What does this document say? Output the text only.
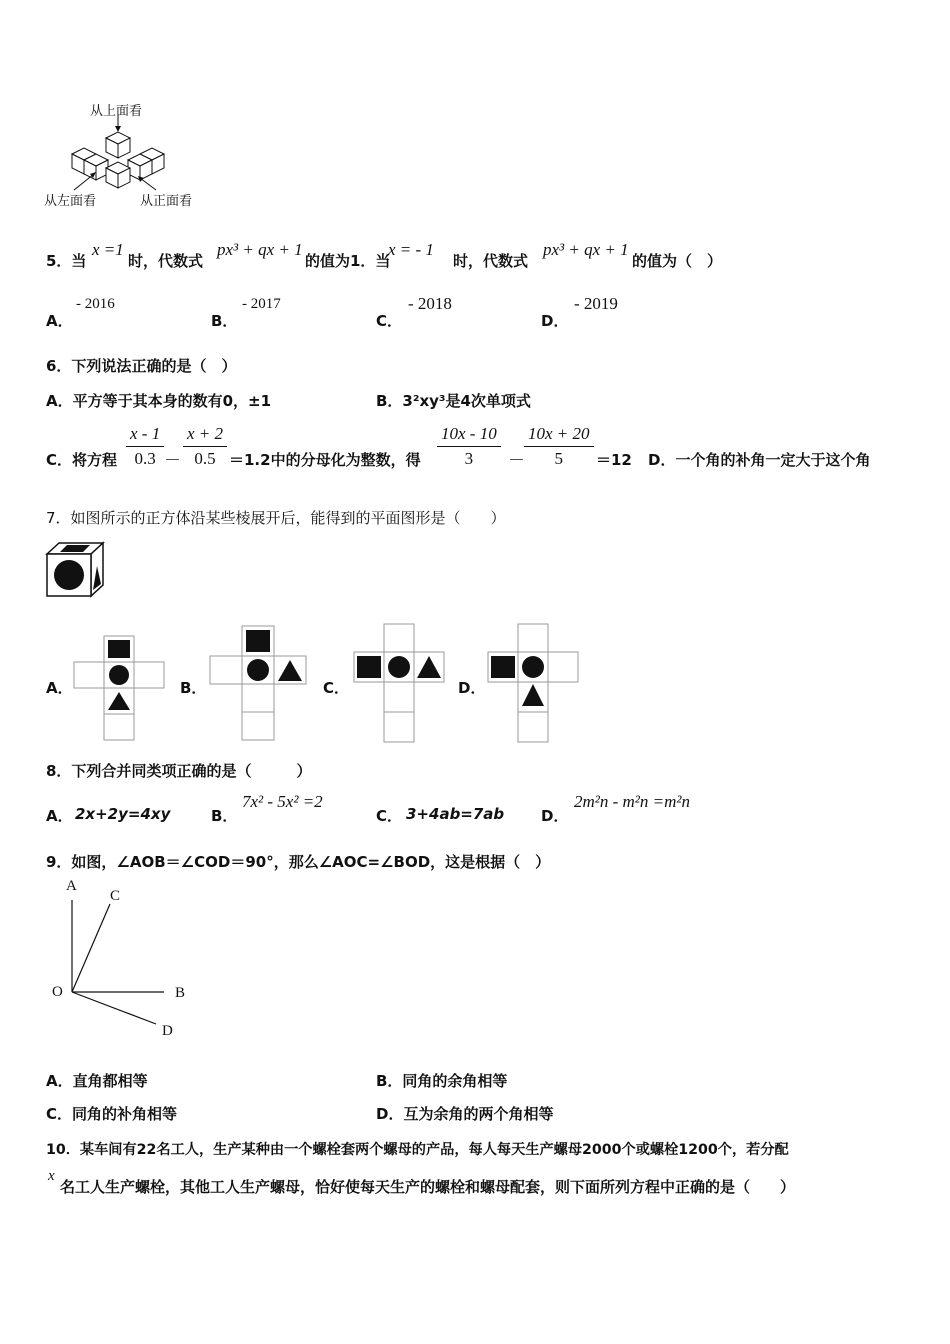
从上面看
从左面看	从正面看
5．当
x =1
时，代数式
px³ + qx + 1
的值为1．当
x = - 1
时，代数式
px³ + qx + 1
的值为（　）
A．
- 2016
B．
- 2017
C．
- 2018
D．
- 2019
6．下列说法正确的是（　）
A．平方等于其本身的数有0，±1	B．3²xy³是4次单项式
C．将方程 $\frac{x - 1}{0.3} - \frac{x + 2}{0.5} =1.2$中的分母化为整数，得 $\frac{10x - 10}{3} - \frac{10x + 20}{5} =12$ D．一个角的补角一定大于这个角
7．如图所示的正方体沿某些棱展开后，能得到的平面图形是（　　）
A．	B．	C．	D．
8．下列合并同类项正确的是（　　　）
A． 2x+2y=4xy	B．
7x² - 5x² =2
C． 3+4ab=7ab D．
2m²n - m²n =m²n
9．如图，∠AOB＝∠COD＝90°，那么∠AOC=∠BOD，这是根据（　）
A
C
O	B
D
A．直角都相等	B．同角的余角相等
C．同角的补角相等	D．互为余角的两个角相等
10．某车间有22名工人，生产某种由一个螺栓套两个螺母的产品，每人每天生产螺母2000个或螺栓1200个，若分配
x
名工人生产螺栓，其他工人生产螺母，恰好使每天生产的螺栓和螺母配套，则下面所列方程中正确的是（　　）
